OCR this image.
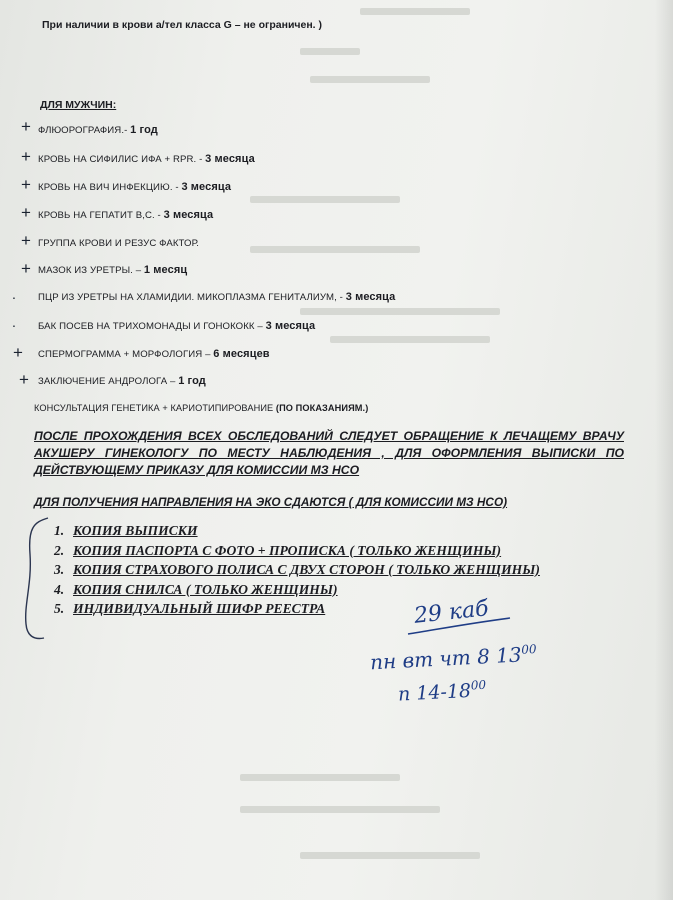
При наличии в крови а/тел класса G – не ограничен. )
ДЛЯ МУЖЧИН:
+ ФЛЮОРОГРАФИЯ.- 1 год
+ КРОВЬ НА СИФИЛИС ИФА + RPR. - 3 месяца
+ КРОВЬ НА ВИЧ ИНФЕКЦИЮ. - 3 месяца
+ КРОВЬ НА ГЕПАТИТ В,С. - 3 месяца
+ ГРУППА КРОВИ И РЕЗУС ФАКТОР.
+ МАЗОК ИЗ УРЕТРЫ. – 1 месяц
·	ПЦР ИЗ УРЕТРЫ НА ХЛАМИДИИ. МИКОПЛАЗМА ГЕНИТАЛИУМ, - 3 месяца
·	БАК ПОСЕВ НА ТРИХОМОНАДЫ И ГОНОКОКК – 3 месяца
+ СПЕРМОГРАММА + МОРФОЛОГИЯ – 6 месяцев
+ ЗАКЛЮЧЕНИЕ АНДРОЛОГА – 1 год
КОНСУЛЬТАЦИЯ ГЕНЕТИКА + КАРИОТИПИРОВАНИЕ (ПО ПОКАЗАНИЯМ.)
ПОСЛЕ ПРОХОЖДЕНИЯ ВСЕХ ОБСЛЕДОВАНИЙ СЛЕДУЕТ ОБРАЩЕНИЕ К ЛЕЧАЩЕМУ ВРАЧУ
АКУШЕРУ ГИНЕКОЛОГУ ПО МЕСТУ НАБЛЮДЕНИЯ , ДЛЯ ОФОРМЛЕНИЯ ВЫПИСКИ ПО
ДЕЙСТВУЮЩЕМУ ПРИКАЗУ ДЛЯ КОМИССИИ МЗ НСО
ДЛЯ ПОЛУЧЕНИЯ НАПРАВЛЕНИЯ НА ЭКО СДАЮТСЯ ( ДЛЯ КОМИССИИ МЗ НСО)
1. КОПИЯ ВЫПИСКИ
2. КОПИЯ ПАСПОРТА С ФОТО + ПРОПИСКА ( ТОЛЬКО ЖЕНЩИНЫ)
3. КОПИЯ СТРАХОВОГО ПОЛИСА С ДВУХ СТОРОН ( ТОЛЬКО ЖЕНЩИНЫ)
4. КОПИЯ СНИЛСА ( ТОЛЬКО ЖЕНЩИНЫ)
5. ИНДИВИДУАЛЬНЫЙ ШИФР РЕЕСТРА	29 каб
пн вт чт 8 $13^{00}$
п $14-18^{00}$
